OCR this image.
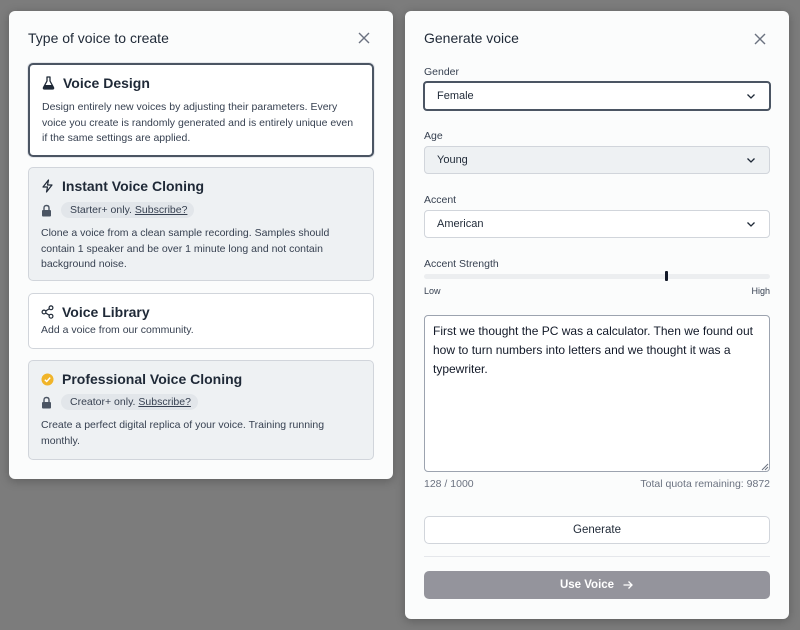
Type of voice to create
Voice Design

Design entirely new voices by adjusting their parameters. Every voice you create is randomly generated and is entirely unique even if the same settings are applied.

Instant Voice Cloning
Starter+ only. Subscribe?

Clone a voice from a clean sample recording. Samples should contain 1 speaker and be over 1 minute long and not contain background noise.

Voice Library

Add a voice from our community.

Professional Voice Cloning
Creator+ only. Subscribe?

Create a perfect digital replica of your voice. Training running monthly.

Generate voice
Gender
Female
Age
Young
Accent
American
Accent Strength
Low	High
First we thought the PC was a calculator. Then we found out how to turn numbers into letters and we thought it was a typewriter.
128 / 1000	Total quota remaining: 9872
Generate
Use Voice
